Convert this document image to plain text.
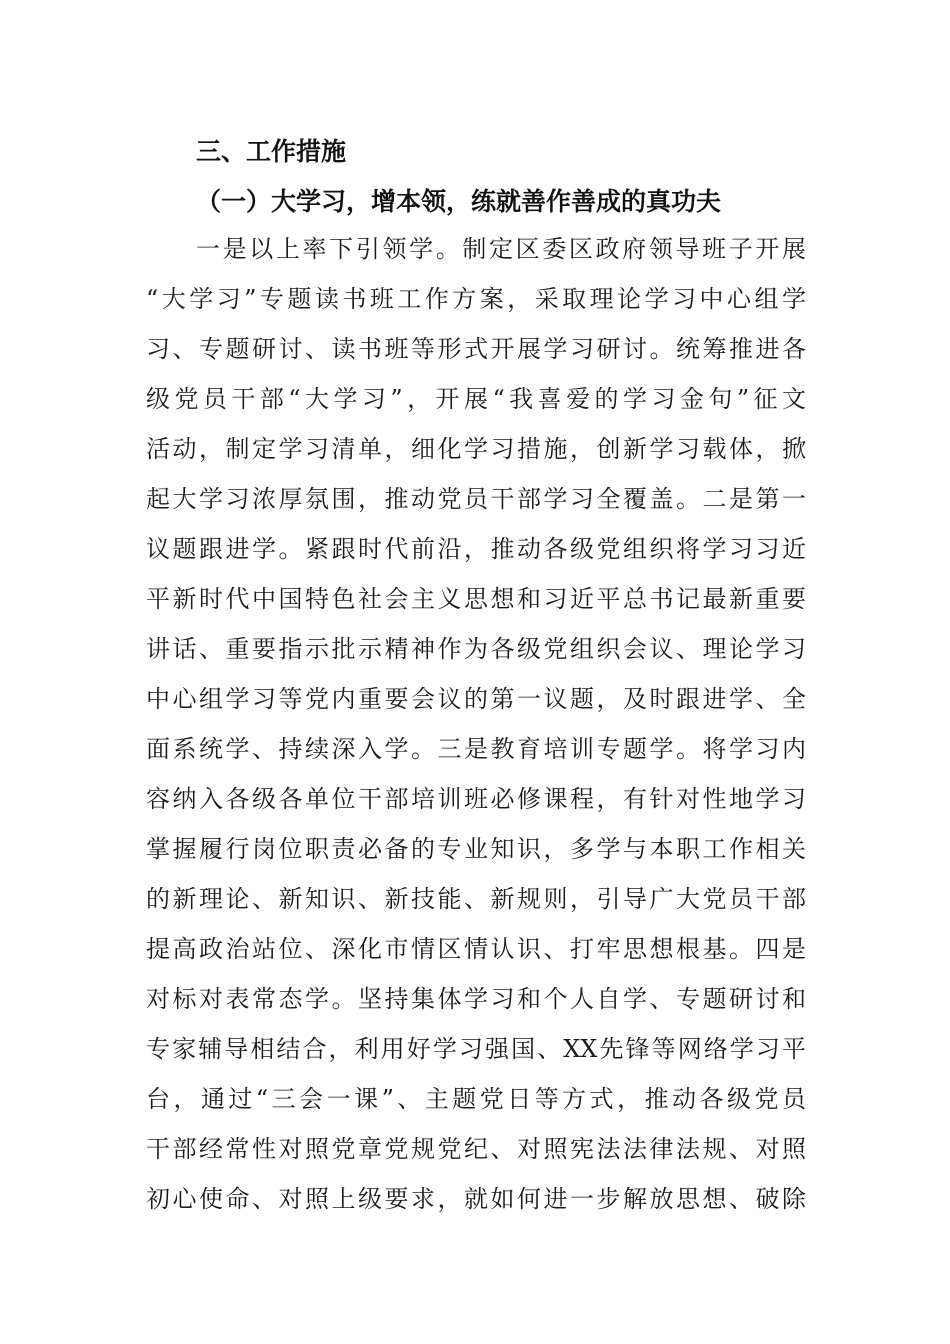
三、工作措施
（一）大学习，增本领，练就善作善成的真功夫
一是以上率下引领学。制定区委区政府领导班子开展
“大学习”专题读书班工作方案，采取理论学习中心组学
习、专题研讨、读书班等形式开展学习研讨。统筹推进各
级党员干部“大学习”，开展“我喜爱的学习金句”征文
活动，制定学习清单，细化学习措施，创新学习载体，掀
起大学习浓厚氛围，推动党员干部学习全覆盖。二是第一
议题跟进学。紧跟时代前沿，推动各级党组织将学习习近
平新时代中国特色社会主义思想和习近平总书记最新重要
讲话、重要指示批示精神作为各级党组织会议、理论学习
中心组学习等党内重要会议的第一议题，及时跟进学、全
面系统学、持续深入学。三是教育培训专题学。将学习内
容纳入各级各单位干部培训班必修课程，有针对性地学习
掌握履行岗位职责必备的专业知识，多学与本职工作相关
的新理论、新知识、新技能、新规则，引导广大党员干部
提高政治站位、深化市情区情认识、打牢思想根基。四是
对标对表常态学。坚持集体学习和个人自学、专题研讨和
专家辅导相结合，利用好学习强国、XX先锋等网络学习平
台，通过“三会一课”、主题党日等方式，推动各级党员
干部经常性对照党章党规党纪、对照宪法法律法规、对照
初心使命、对照上级要求，就如何进一步解放思想、破除
